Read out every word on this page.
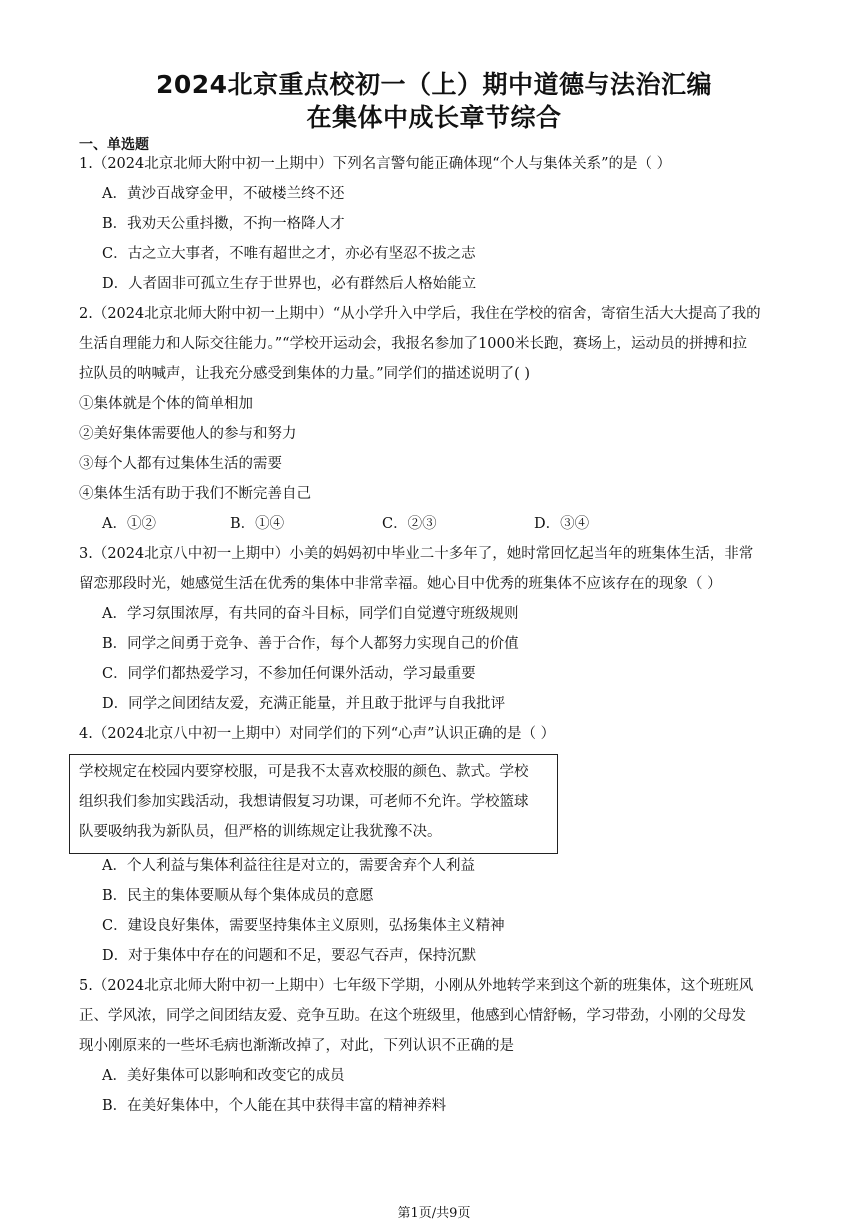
2024北京重点校初一（上）期中道德与法治汇编
在集体中成长章节综合
一、单选题
1.（2024北京北师大附中初一上期中）下列名言警句能正确体现“个人与集体关系”的是（ ）
A．黄沙百战穿金甲，不破楼兰终不还
B．我劝天公重抖擞，不拘一格降人才
C．古之立大事者，不唯有超世之才，亦必有坚忍不拔之志
D．人者固非可孤立生存于世界也，必有群然后人格始能立
2.（2024北京北师大附中初一上期中）“从小学升入中学后，我住在学校的宿舍，寄宿生活大大提高了我的
生活自理能力和人际交往能力。”“学校开运动会，我报名参加了1000米长跑，赛场上，运动员的拼搏和拉
拉队员的呐喊声，让我充分感受到集体的力量。”同学们的描述说明了( )
①集体就是个体的简单相加
②美好集体需要他人的参与和努力
③每个人都有过集体生活的需要
④集体生活有助于我们不断完善自己
A．①②	B．①④	C．②③	D．③④
3.（2024北京八中初一上期中）小美的妈妈初中毕业二十多年了，她时常回忆起当年的班集体生活，非常
留恋那段时光，她感觉生活在优秀的集体中非常幸福。她心目中优秀的班集体不应该存在的现象（ ）
A．学习氛围浓厚，有共同的奋斗目标，同学们自觉遵守班级规则
B．同学之间勇于竞争、善于合作，每个人都努力实现自己的价值
C．同学们都热爱学习，不参加任何课外活动，学习最重要
D．同学之间团结友爱，充满正能量，并且敢于批评与自我批评
4.（2024北京八中初一上期中）对同学们的下列“心声”认识正确的是（ ）
学校规定在校园内要穿校服，可是我不太喜欢校服的颜色、款式。学校
组织我们参加实践活动，我想请假复习功课，可老师不允许。学校篮球
队要吸纳我为新队员，但严格的训练规定让我犹豫不决。
A．个人利益与集体利益往往是对立的，需要舍弃个人利益
B．民主的集体要顺从每个集体成员的意愿
C．建设良好集体，需要坚持集体主义原则，弘扬集体主义精神
D．对于集体中存在的问题和不足，要忍气吞声，保持沉默
5.（2024北京北师大附中初一上期中）七年级下学期，小刚从外地转学来到这个新的班集体，这个班班风
正、学风浓，同学之间团结友爱、竞争互助。在这个班级里，他感到心情舒畅，学习带劲，小刚的父母发
现小刚原来的一些坏毛病也渐渐改掉了，对此，下列认识不正确的是
A．美好集体可以影响和改变它的成员
B．在美好集体中，个人能在其中获得丰富的精神养料
第1页/共9页
